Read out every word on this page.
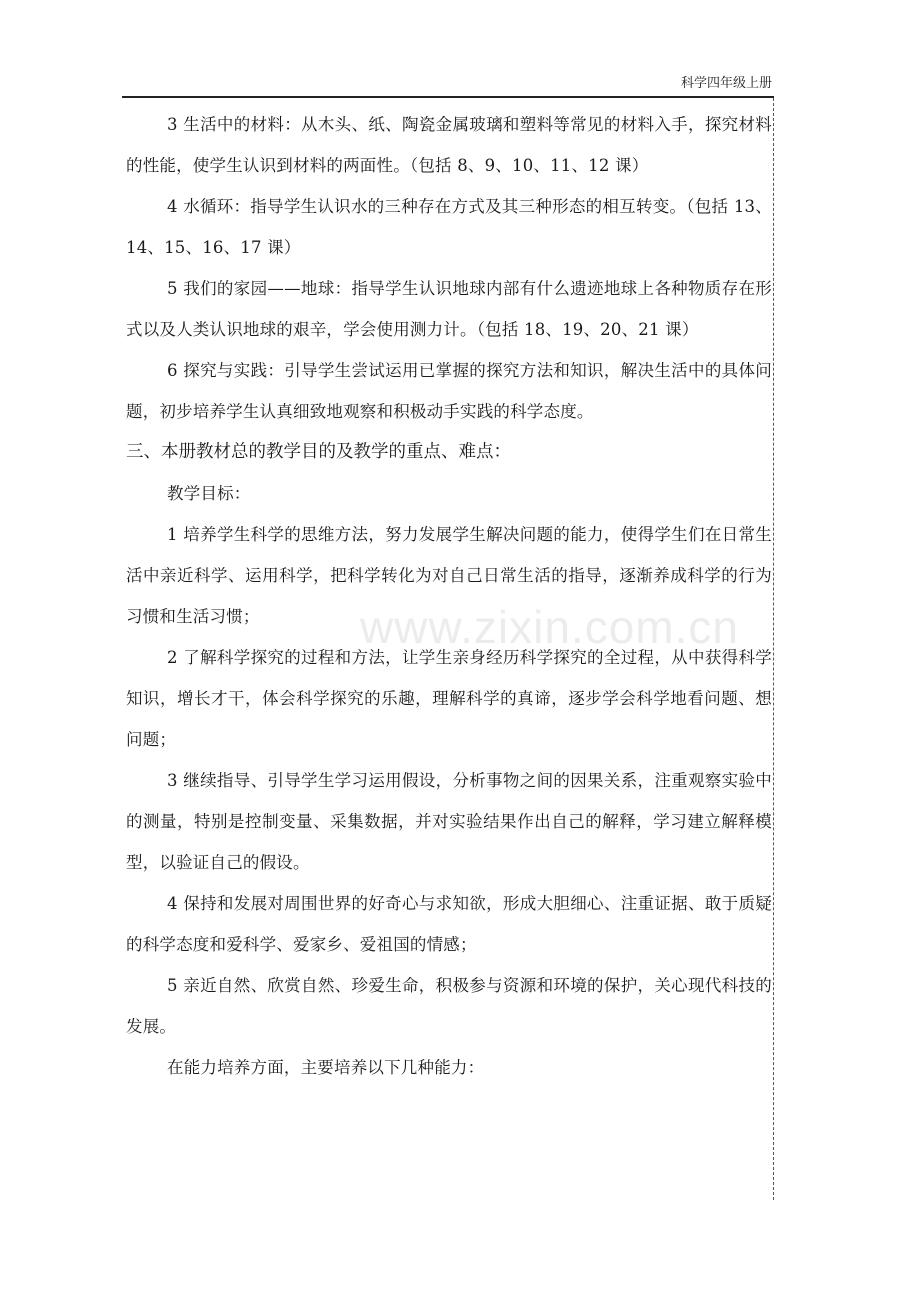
科学四年级上册
www.zixin.com.cn

3 生活中的材料：从木头、纸、陶瓷金属玻璃和塑料等常见的材料入手，探究材料的性能，使学生认识到材料的两面性。（包括 8、9、10、11、12 课）

4 水循环：指导学生认识水的三种存在方式及其三种形态的相互转变。（包括 13、14、15、16、17 课）

5 我们的家园——地球：指导学生认识地球内部有什么遗迹地球上各种物质存在形式以及人类认识地球的艰辛，学会使用测力计。（包括 18、19、20、21 课）

6 探究与实践：引导学生尝试运用已掌握的探究方法和知识，解决生活中的具体问题，初步培养学生认真细致地观察和积极动手实践的科学态度。

三、本册教材总的教学目的及教学的重点、难点：

教学目标：

1 培养学生科学的思维方法，努力发展学生解决问题的能力，使得学生们在日常生活中亲近科学、运用科学，把科学转化为对自己日常生活的指导，逐渐养成科学的行为习惯和生活习惯；

2 了解科学探究的过程和方法，让学生亲身经历科学探究的全过程，从中获得科学知识，增长才干，体会科学探究的乐趣，理解科学的真谛，逐步学会科学地看问题、想问题；

3 继续指导、引导学生学习运用假设，分析事物之间的因果关系，注重观察实验中的测量，特别是控制变量、采集数据，并对实验结果作出自己的解释，学习建立解释模型，以验证自己的假设。

4 保持和发展对周围世界的好奇心与求知欲，形成大胆细心、注重证据、敢于质疑的科学态度和爱科学、爱家乡、爱祖国的情感；

5 亲近自然、欣赏自然、珍爱生命，积极参与资源和环境的保护，关心现代科技的发展。

在能力培养方面，主要培养以下几种能力：
